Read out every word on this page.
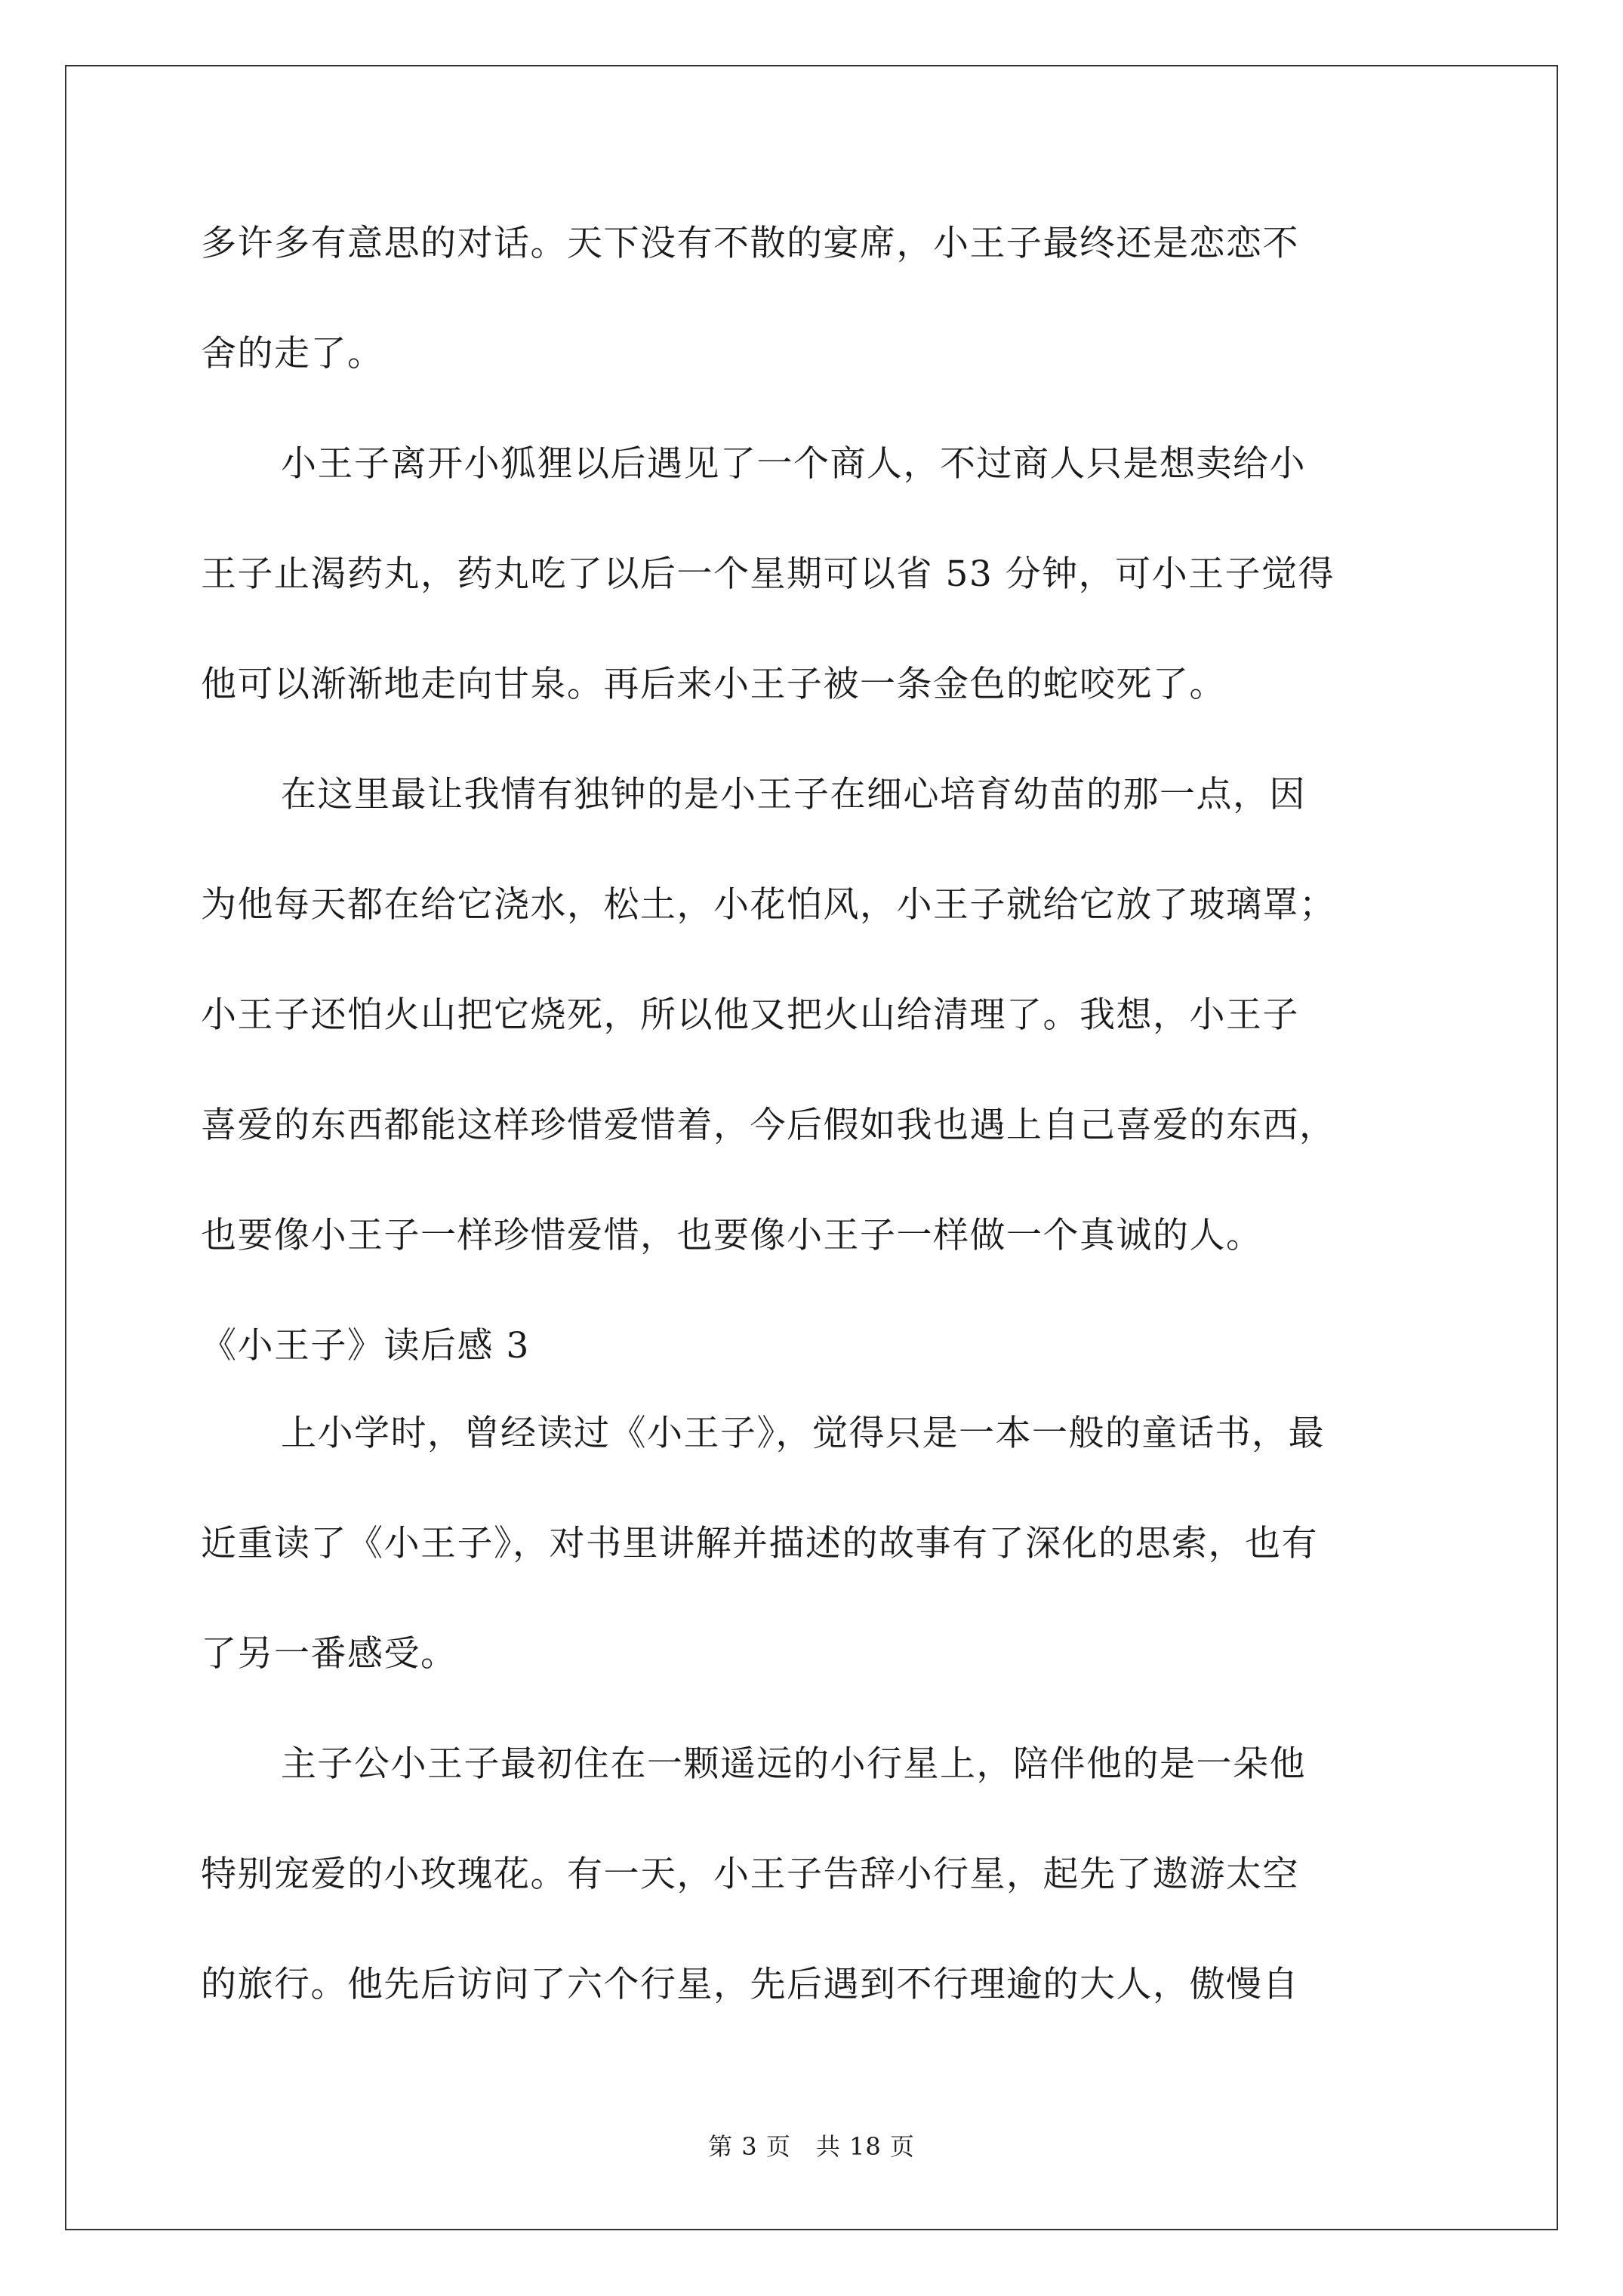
多许多有意思的对话。天下没有不散的宴席，小王子最终还是恋恋不
舍的走了。
小王子离开小狐狸以后遇见了一个商人，不过商人只是想卖给小
王子止渴药丸，药丸吃了以后一个星期可以省 53 分钟，可小王子觉得
他可以渐渐地走向甘泉。再后来小王子被一条金色的蛇咬死了。
在这里最让我情有独钟的是小王子在细心培育幼苗的那一点，因
为他每天都在给它浇水，松土，小花怕风，小王子就给它放了玻璃罩；
小王子还怕火山把它烧死，所以他又把火山给清理了。我想，小王子
喜爱的东西都能这样珍惜爱惜着，今后假如我也遇上自己喜爱的东西，
也要像小王子一样珍惜爱惜，也要像小王子一样做一个真诚的人。
《小王子》读后感 3
上小学时，曾经读过《小王子》，觉得只是一本一般的童话书，最
近重读了《小王子》，对书里讲解并描述的故事有了深化的思索，也有
了另一番感受。
主子公小王子最初住在一颗遥远的小行星上，陪伴他的是一朵他
特别宠爱的小玫瑰花。有一天，小王子告辞小行星，起先了遨游太空
的旅行。他先后访问了六个行星，先后遇到不行理逾的大人，傲慢自
第 3 页　共 18 页
